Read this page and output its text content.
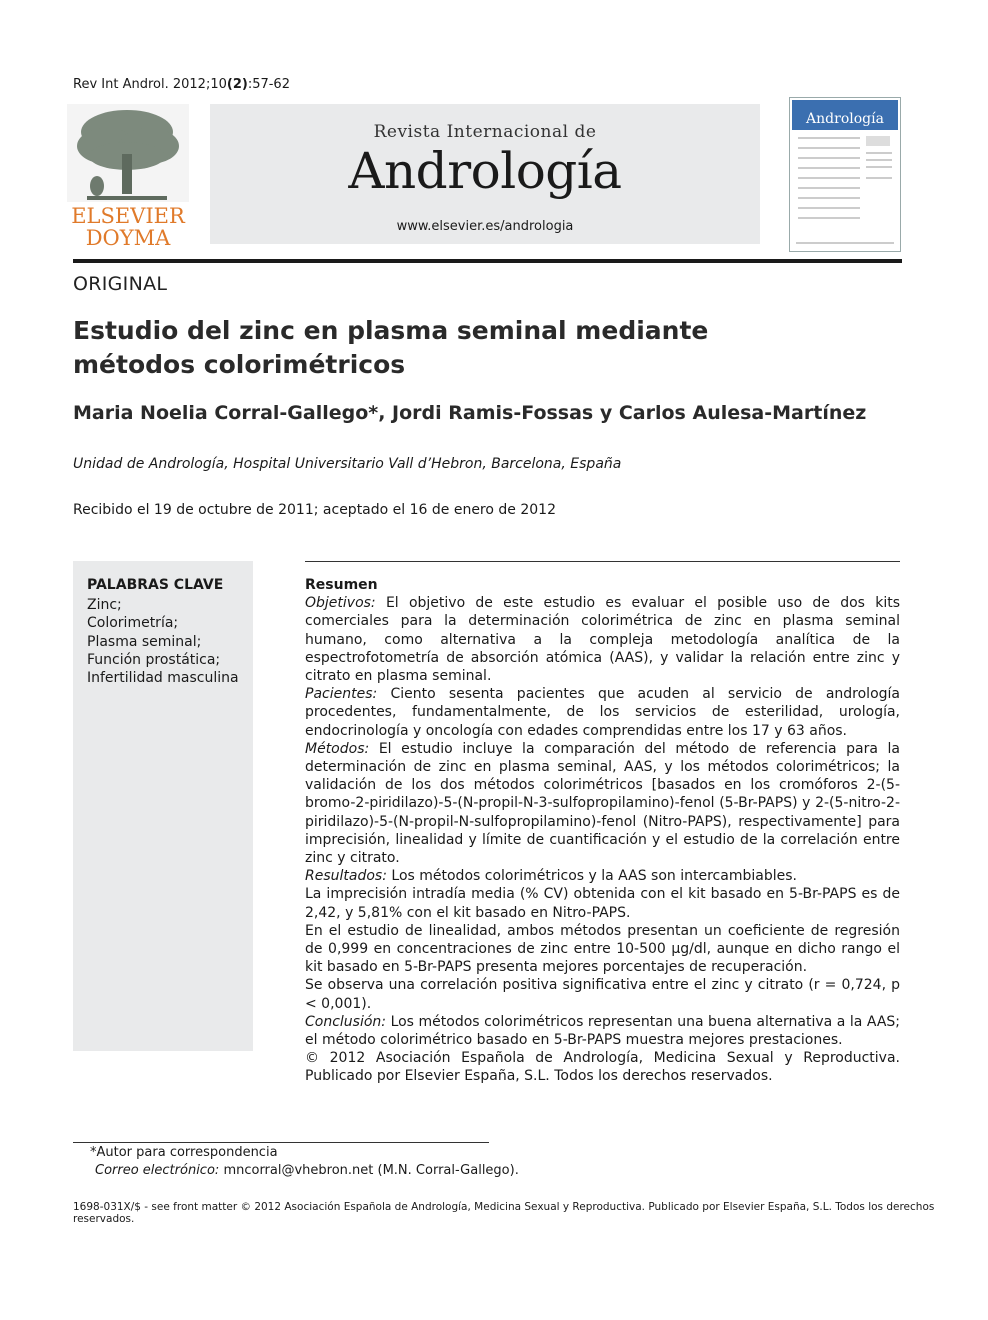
Rev Int Androl. 2012;10(2):57-62
ELSEVIER
DOYMA
Revista Internacional de
Andrología
www.elsevier.es/andrologia
Andrología
ORIGINAL
Estudio del zinc en plasma seminal mediante métodos colorimétricos
Maria Noelia Corral-Gallego*, Jordi Ramis-Fossas y Carlos Aulesa-Martínez
Unidad de Andrología, Hospital Universitario Vall d’Hebron, Barcelona, España
Recibido el 19 de octubre de 2011; aceptado el 16 de enero de 2012
PALABRAS CLAVE
Zinc;
Colorimetría;
Plasma seminal;
Función prostática;
Infertilidad masculina

Resumen

Objetivos: El objetivo de este estudio es evaluar el posible uso de dos kits comerciales para la determinación colorimétrica de zinc en plasma seminal humano, como alternativa a la compleja metodología analítica de la espectrofotometría de absorción atómica (AAS), y validar la relación entre zinc y citrato en plasma seminal.

Pacientes: Ciento sesenta pacientes que acuden al servicio de andrología procedentes, fundamentalmente, de los servicios de esterilidad, urología, endocrinología y oncología con edades comprendidas entre los 17 y 63 años.

Métodos: El estudio incluye la comparación del método de referencia para la determinación de zinc en plasma seminal, AAS, y los métodos colorimétricos; la validación de los dos métodos colorimétricos [basados en los cromóforos 2-(5-bromo-2-piridilazo)-5-(N-propil-N-3-sulfopropilamino)-fenol (5-Br-PAPS) y 2-(5-nitro-2-piridilazo)-5-(N-propil-N-sulfopropilamino)-fenol (Nitro-PAPS), respectivamente] para imprecisión, linealidad y límite de cuantificación y el estudio de la correlación entre zinc y citrato.

Resultados: Los métodos colorimétricos y la AAS son intercambiables.

La imprecisión intradía media (% CV) obtenida con el kit basado en 5-Br-PAPS es de 2,42, y 5,81% con el kit basado en Nitro-PAPS.

En el estudio de linealidad, ambos métodos presentan un coeficiente de regresión de 0,999 en concentraciones de zinc entre 10-500 µg/dl, aunque en dicho rango el kit basado en 5-Br-PAPS presenta mejores porcentajes de recuperación.

Se observa una correlación positiva significativa entre el zinc y citrato (r = 0,724, p < 0,001).

Conclusión: Los métodos colorimétricos representan una buena alternativa a la AAS; el método colorimétrico basado en 5-Br-PAPS muestra mejores prestaciones.

© 2012 Asociación Española de Andrología, Medicina Sexual y Reproductiva. Publicado por Elsevier España, S.L. Todos los derechos reservados.

*Autor para correspondencia
Correo electrónico: mncorral@vhebron.net (M.N. Corral-Gallego).
1698-031X/$ - see front matter © 2012 Asociación Española de Andrología, Medicina Sexual y Reproductiva. Publicado por Elsevier España, S.L. Todos los derechos reservados.
